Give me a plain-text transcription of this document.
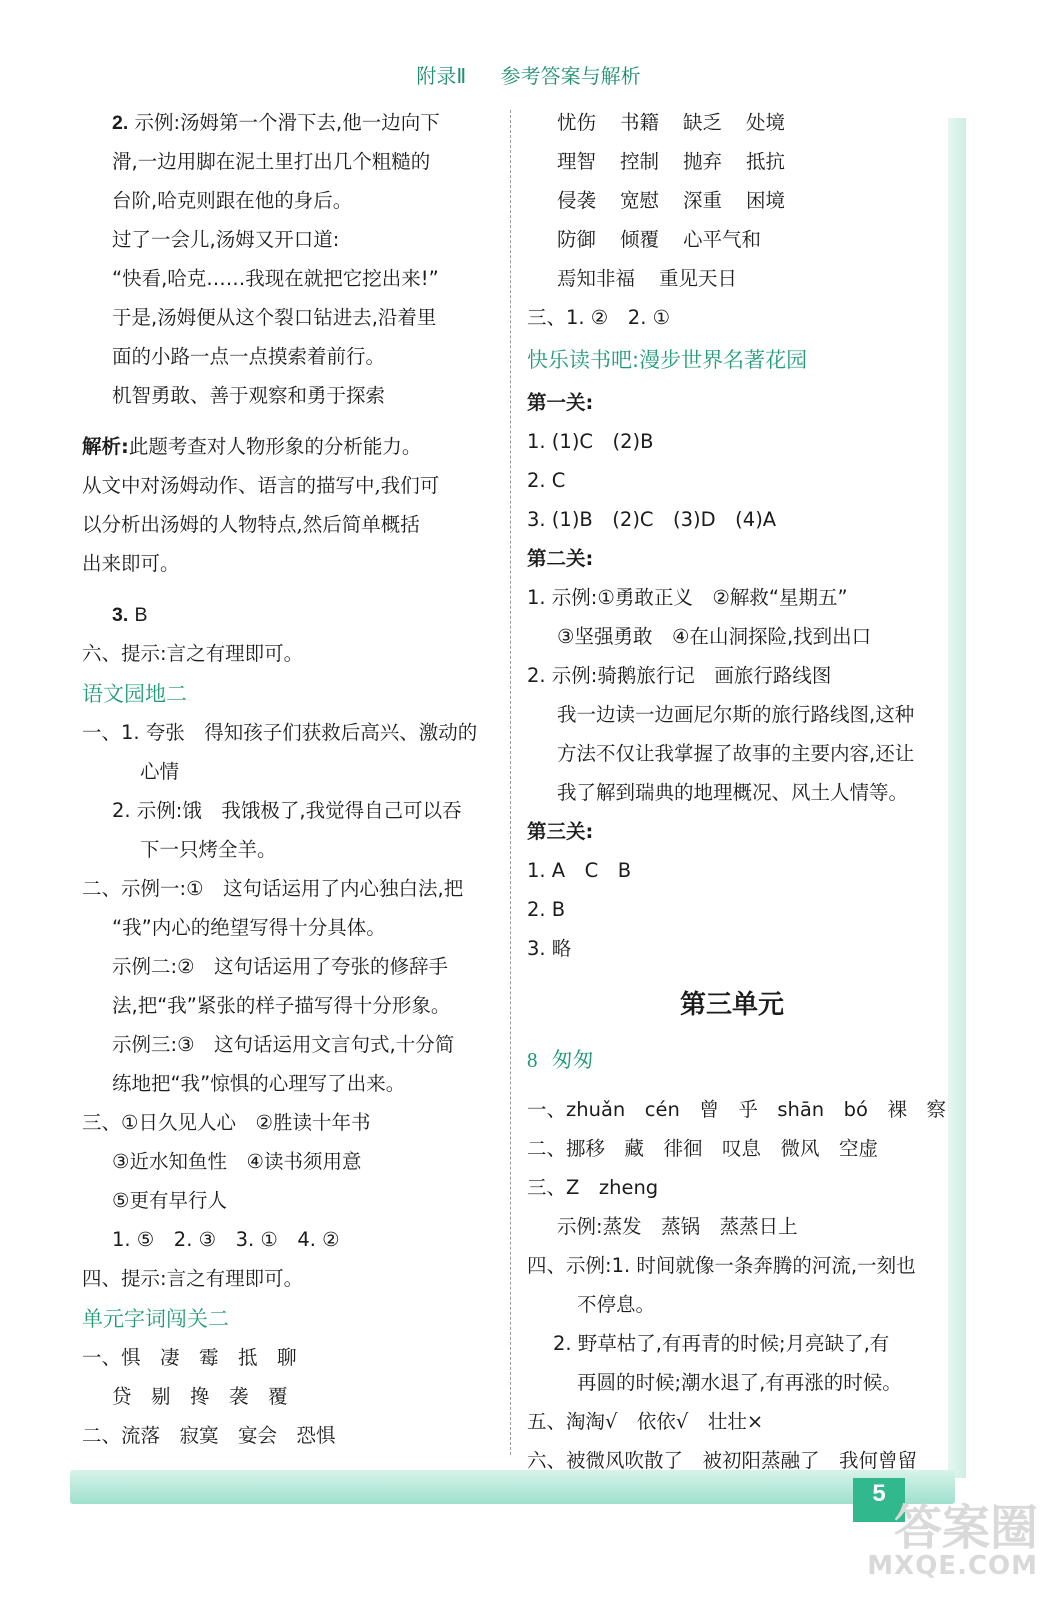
5
答案圈
MXQE.COM
附录Ⅱ 参考答案与解析
2. 示例:汤姆第一个滑下去,他一边向下
滑,一边用脚在泥土里打出几个粗糙的
台阶,哈克则跟在他的身后。
过了一会儿,汤姆又开口道:
“快看,哈克……我现在就把它挖出来!”
于是,汤姆便从这个裂口钻进去,沿着里
面的小路一点一点摸索着前行。
机智勇敢、善于观察和勇于探索
解析:此题考查对人物形象的分析能力。
从文中对汤姆动作、语言的描写中,我们可
以分析出汤姆的人物特点,然后简单概括
出来即可。
3. B
六、提示:言之有理即可。
语文园地二
一、1. 夸张　得知孩子们获救后高兴、激动的
心情
2. 示例:饿　我饿极了,我觉得自己可以吞
下一只烤全羊。
二、示例一:①　这句话运用了内心独白法,把
“我”内心的绝望写得十分具体。
示例二:②　这句话运用了夸张的修辞手
法,把“我”紧张的样子描写得十分形象。
示例三:③　这句话运用文言句式,十分简
练地把“我”惊惧的心理写了出来。
三、①日久见人心　②胜读十年书
③近水知鱼性　④读书须用意
⑤更有早行人
1. ⑤　2. ③　3. ①　4. ②
四、提示:言之有理即可。
单元字词闯关二
一、惧　凄　霉　抵　聊
贷　剔　搀　袭　覆
二、流落　寂寞　宴会　恐惧
忧伤 书籍 缺乏 处境
理智 控制 抛弃 抵抗
侵袭 宽慰 深重 困境
防御 倾覆 心平气和
焉知非福 重见天日
三、1. ②　2. ①
快乐读书吧:漫步世界名著花园
第一关:
1. (1)C　(2)B
2. C
3. (1)B　(2)C　(3)D　(4)A
第二关:
1. 示例:①勇敢正义　②解救“星期五”
③坚强勇敢　④在山洞探险,找到出口
2. 示例:骑鹅旅行记　画旅行路线图
我一边读一边画尼尔斯的旅行路线图,这种
方法不仅让我掌握了故事的主要内容,还让
我了解到瑞典的地理概况、风土人情等。
第三关:
1. A　C　B
2. B
3. 略
第三单元
8 匆匆
一、zhuǎn　cén　曾　乎　shān　bó　裸　察
二、挪移　藏　徘徊　叹息　微风　空虚
三、Z　zheng
示例:蒸发　蒸锅　蒸蒸日上
四、示例:1. 时间就像一条奔腾的河流,一刻也
不停息。
2. 野草枯了,有再青的时候;月亮缺了,有
再圆的时候;潮水退了,有再涨的时候。
五、淘淘√　依依√　壮壮×
六、被微风吹散了　被初阳蒸融了　我何曾留
